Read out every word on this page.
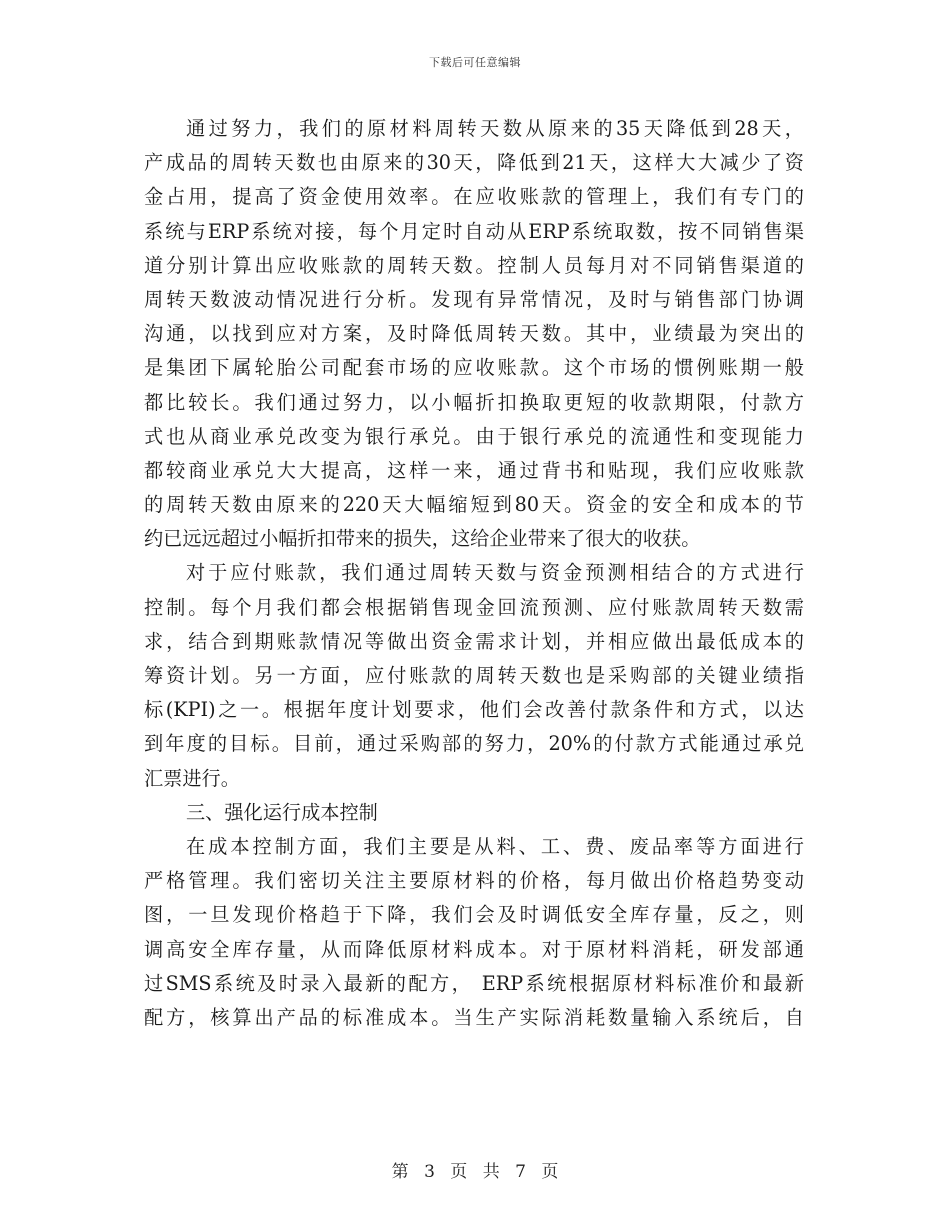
下载后可任意编辑
通过努力，我们的原材料周转天数从原来的35天降低到28天，
产成品的周转天数也由原来的30天，降低到21天，这样大大减少了资
金占用，提高了资金使用效率。在应收账款的管理上，我们有专门的
系统与ERP系统对接，每个月定时自动从ERP系统取数，按不同销售渠
道分别计算出应收账款的周转天数。控制人员每月对不同销售渠道的
周转天数波动情况进行分析。发现有异常情况，及时与销售部门协调
沟通，以找到应对方案，及时降低周转天数。其中，业绩最为突出的
是集团下属轮胎公司配套市场的应收账款。这个市场的惯例账期一般
都比较长。我们通过努力，以小幅折扣换取更短的收款期限，付款方
式也从商业承兑改变为银行承兑。由于银行承兑的流通性和变现能力
都较商业承兑大大提高，这样一来，通过背书和贴现，我们应收账款
的周转天数由原来的220天大幅缩短到80天。资金的安全和成本的节
约已远远超过小幅折扣带来的损失，这给企业带来了很大的收获。
对于应付账款，我们通过周转天数与资金预测相结合的方式进行
控制。每个月我们都会根据销售现金回流预测、应付账款周转天数需
求，结合到期账款情况等做出资金需求计划，并相应做出最低成本的
筹资计划。另一方面，应付账款的周转天数也是采购部的关键业绩指
标(KPI)之一。根据年度计划要求，他们会改善付款条件和方式，以达
到年度的目标。目前，通过采购部的努力，20%的付款方式能通过承兑
汇票进行。
三、强化运行成本控制
在成本控制方面，我们主要是从料、工、费、废品率等方面进行
严格管理。我们密切关注主要原材料的价格，每月做出价格趋势变动
图，一旦发现价格趋于下降，我们会及时调低安全库存量，反之，则
调高安全库存量，从而降低原材料成本。对于原材料消耗，研发部通
过SMS系统及时录入最新的配方， ERP系统根据原材料标准价和最新
配方，核算出产品的标准成本。当生产实际消耗数量输入系统后，自
第 3 页 共 7 页
